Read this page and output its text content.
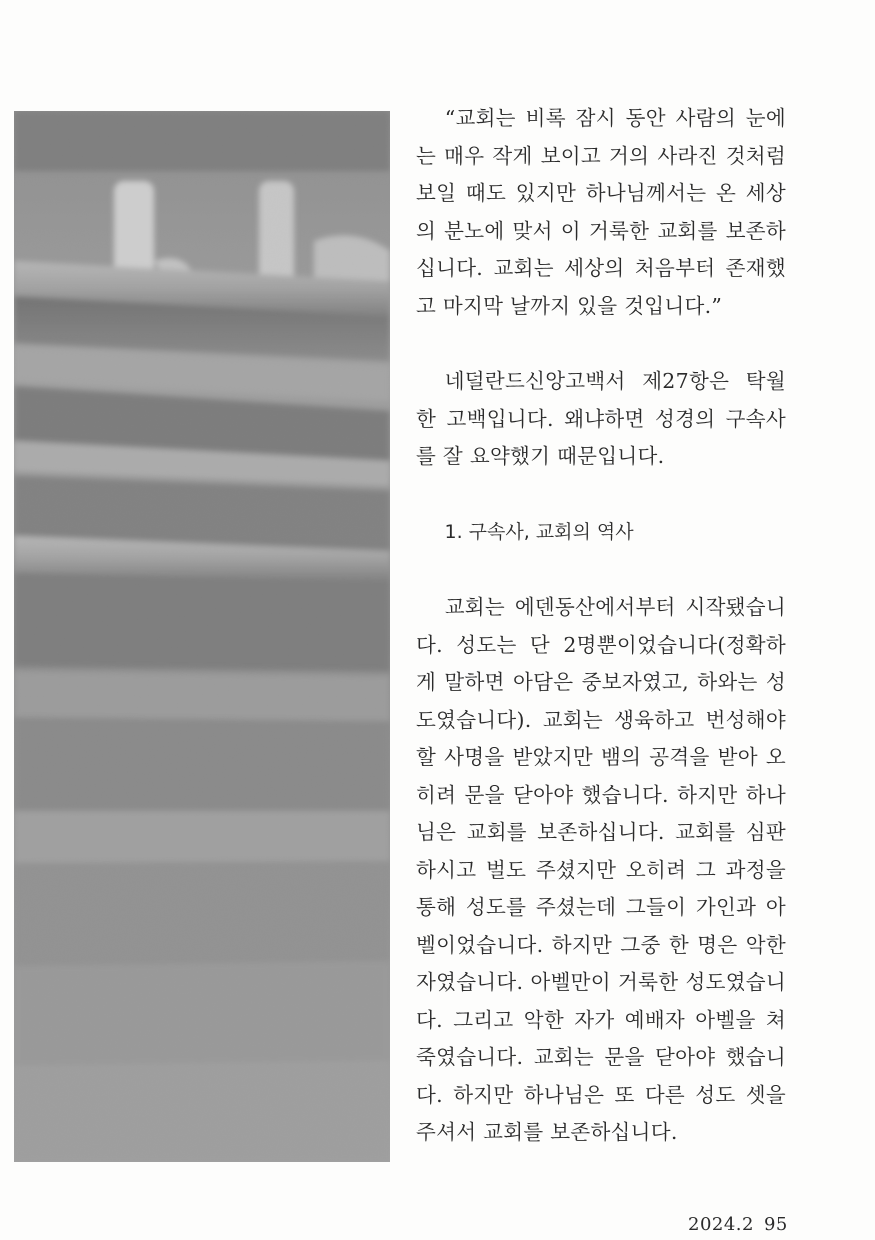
“교회는 비록 잠시 동안 사람의 눈에는 매우 작게 보이고 거의 사라진 것처럼 보일 때도 있지만 하나님께서는 온 세상의 분노에 맞서 이 거룩한 교회를 보존하십니다. 교회는 세상의 처음부터 존재했고 마지막 날까지 있을 것입니다.”

네덜란드신앙고백서 제27항은 탁월한 고백입니다. 왜냐하면 성경의 구속사를 잘 요약했기 때문입니다.

1. 구속사, 교회의 역사

교회는 에덴동산에서부터 시작됐습니다. 성도는 단 2명뿐이었습니다(정확하게 말하면 아담은 중보자였고, 하와는 성도였습니다). 교회는 생육하고 번성해야 할 사명을 받았지만 뱀의 공격을 받아 오히려 문을 닫아야 했습니다. 하지만 하나님은 교회를 보존하십니다. 교회를 심판하시고 벌도 주셨지만 오히려 그 과정을 통해 성도를 주셨는데 그들이 가인과 아벨이었습니다. 하지만 그중 한 명은 악한 자였습니다. 아벨만이 거룩한 성도였습니다. 그리고 악한 자가 예배자 아벨을 쳐 죽였습니다. 교회는 문을 닫아야 했습니다. 하지만 하나님은 또 다른 성도 셋을 주셔서 교회를 보존하십니다.

2024.2 95
